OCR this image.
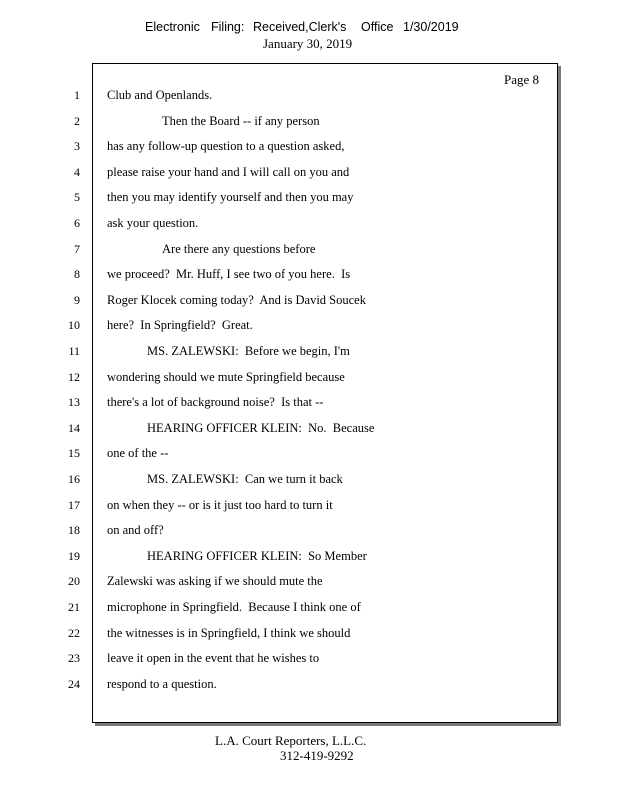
Electronic

Filing:

Received,Clerk's

Office

1/30/2019

January 30, 2019
Page 8
1 Club and Openlands.
2	Then the Board -- if any person
3 has any follow-up question to a question asked,
4 please raise your hand and I will call on you and
5 then you may identify yourself and then you may
6 ask your question.
7	Are there any questions before
8 we proceed?  Mr. Huff, I see two of you here.  Is
9 Roger Klocek coming today?  And is David Soucek
10 here?  In Springfield?  Great.
11	MS. ZALEWSKI:  Before we begin, I'm
12 wondering should we mute Springfield because
13 there's a lot of background noise?  Is that --
14	HEARING OFFICER KLEIN:  No.  Because
15 one of the --
16	MS. ZALEWSKI:  Can we turn it back
17 on when they -- or is it just too hard to turn it
18 on and off?
19	HEARING OFFICER KLEIN:  So Member
20 Zalewski was asking if we should mute the
21 microphone in Springfield.  Because I think one of
22 the witnesses is in Springfield, I think we should
23 leave it open in the event that he wishes to
24 respond to a question.
L.A. Court Reporters, L.L.C.
312-419-9292
